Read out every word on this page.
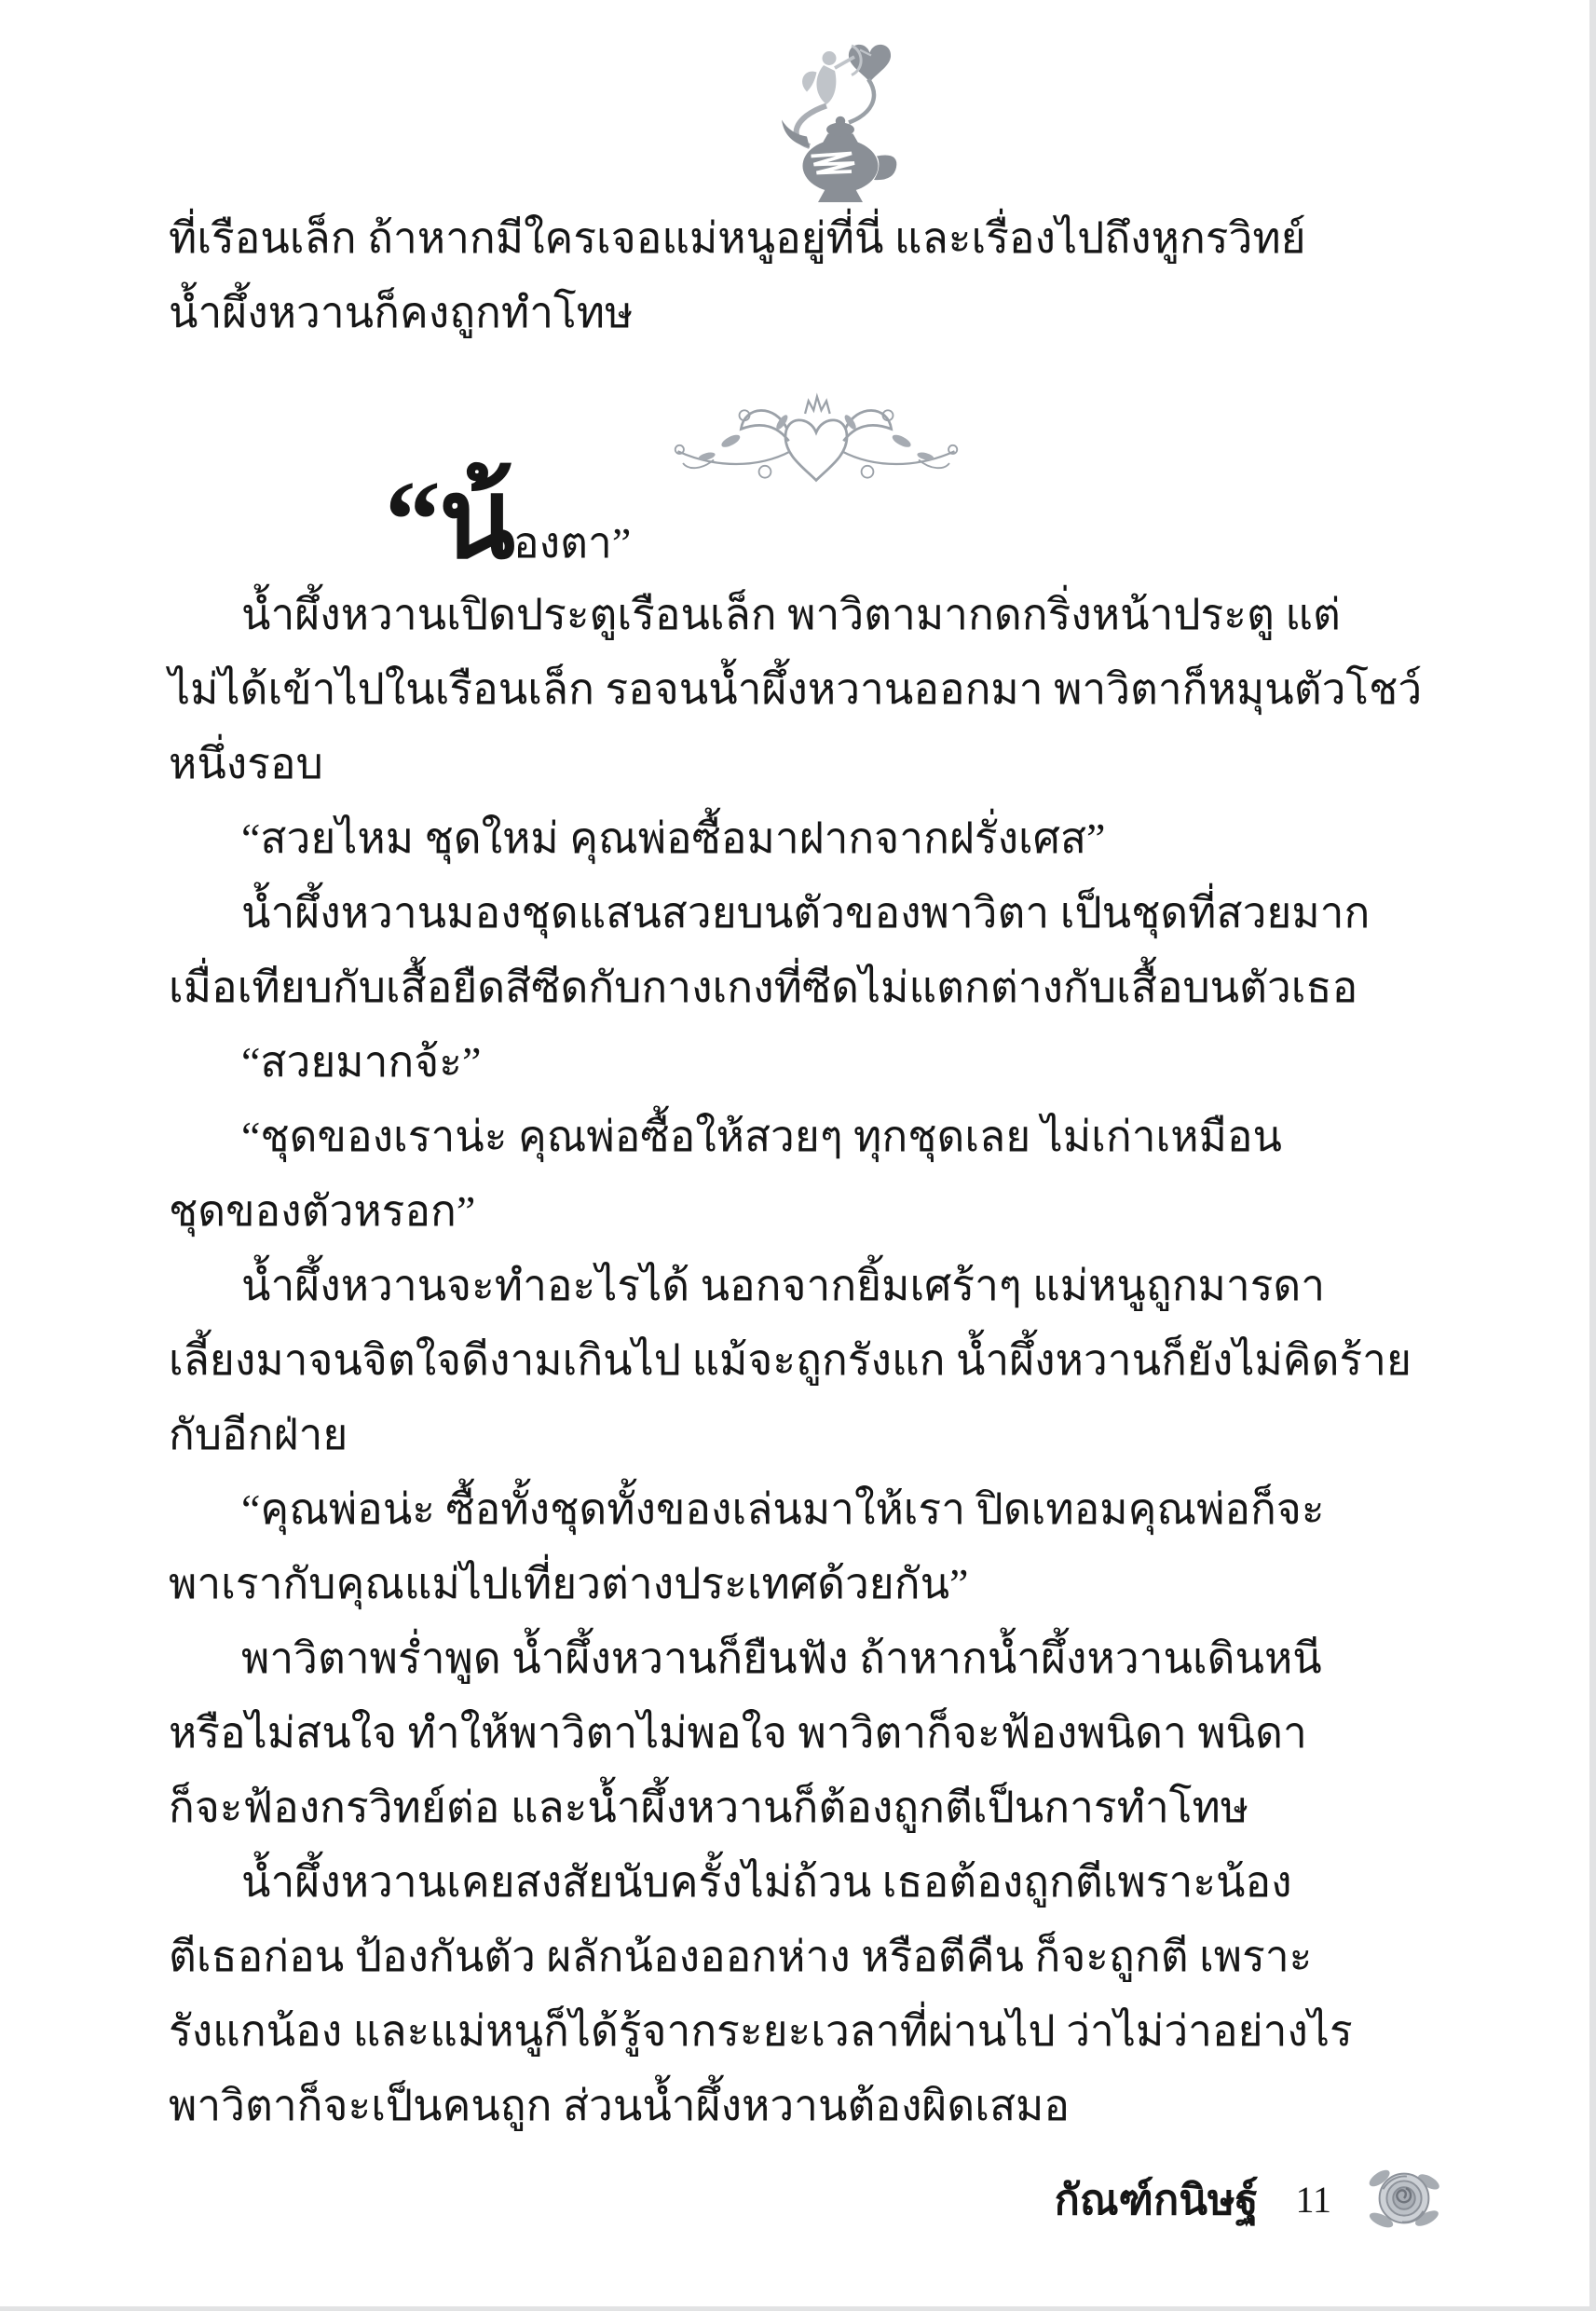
ที่เรือนเล็ก ถ้าหากมีใครเจอแม่หนูอยู่ที่นี่ และเรื่องไปถึงหูกรวิทย์
น้ำผึ้งหวานก็คงถูกทำโทษ
“น้ องตา ”
น้ำผึ้งหวานเปิดประตูเรือนเล็ก พาวิตามากดกริ่งหน้าประตู แต่
ไม่ได้เข้าไปในเรือนเล็ก รอจนน้ำผึ้งหวานออกมา พาวิตาก็หมุนตัวโชว์
หนึ่งรอบ
“สวยไหม ชุดใหม่ คุณพ่อซื้อมาฝากจากฝรั่งเศส”
น้ำผึ้งหวานมองชุดแสนสวยบนตัวของพาวิตา เป็นชุดที่สวยมาก
เมื่อเทียบกับเสื้อยืดสีซีดกับกางเกงที่ซีดไม่แตกต่างกับเสื้อบนตัวเธอ
“สวยมากจ้ะ”
“ชุดของเราน่ะ คุณพ่อซื้อให้สวยๆ ทุกชุดเลย ไม่เก่าเหมือน
ชุดของตัวหรอก”
น้ำผึ้งหวานจะทำอะไรได้ นอกจากยิ้มเศร้าๆ แม่หนูถูกมารดา
เลี้ยงมาจนจิตใจดีงามเกินไป แม้จะถูกรังแก น้ำผึ้งหวานก็ยังไม่คิดร้าย
กับอีกฝ่าย
“คุณพ่อน่ะ ซื้อทั้งชุดทั้งของเล่นมาให้เรา ปิดเทอมคุณพ่อก็จะ
พาเรากับคุณแม่ไปเที่ยวต่างประเทศด้วยกัน”
พาวิตาพร่ำพูด น้ำผึ้งหวานก็ยืนฟัง ถ้าหากน้ำผึ้งหวานเดินหนี
หรือไม่สนใจ ทำให้พาวิตาไม่พอใจ พาวิตาก็จะฟ้องพนิดา พนิดา
ก็จะฟ้องกรวิทย์ต่อ และน้ำผึ้งหวานก็ต้องถูกตีเป็นการทำโทษ
น้ำผึ้งหวานเคยสงสัยนับครั้งไม่ถ้วน เธอต้องถูกตีเพราะน้อง
ตีเธอก่อน ป้องกันตัว ผลักน้องออกห่าง หรือตีคืน ก็จะถูกตี เพราะ
รังแกน้อง และแม่หนูก็ได้รู้จากระยะเวลาที่ผ่านไป ว่าไม่ว่าอย่างไร
พาวิตาก็จะเป็นคนถูก ส่วนน้ำผึ้งหวานต้องผิดเสมอ
กัณฑ์กนิษฐ์ 11
